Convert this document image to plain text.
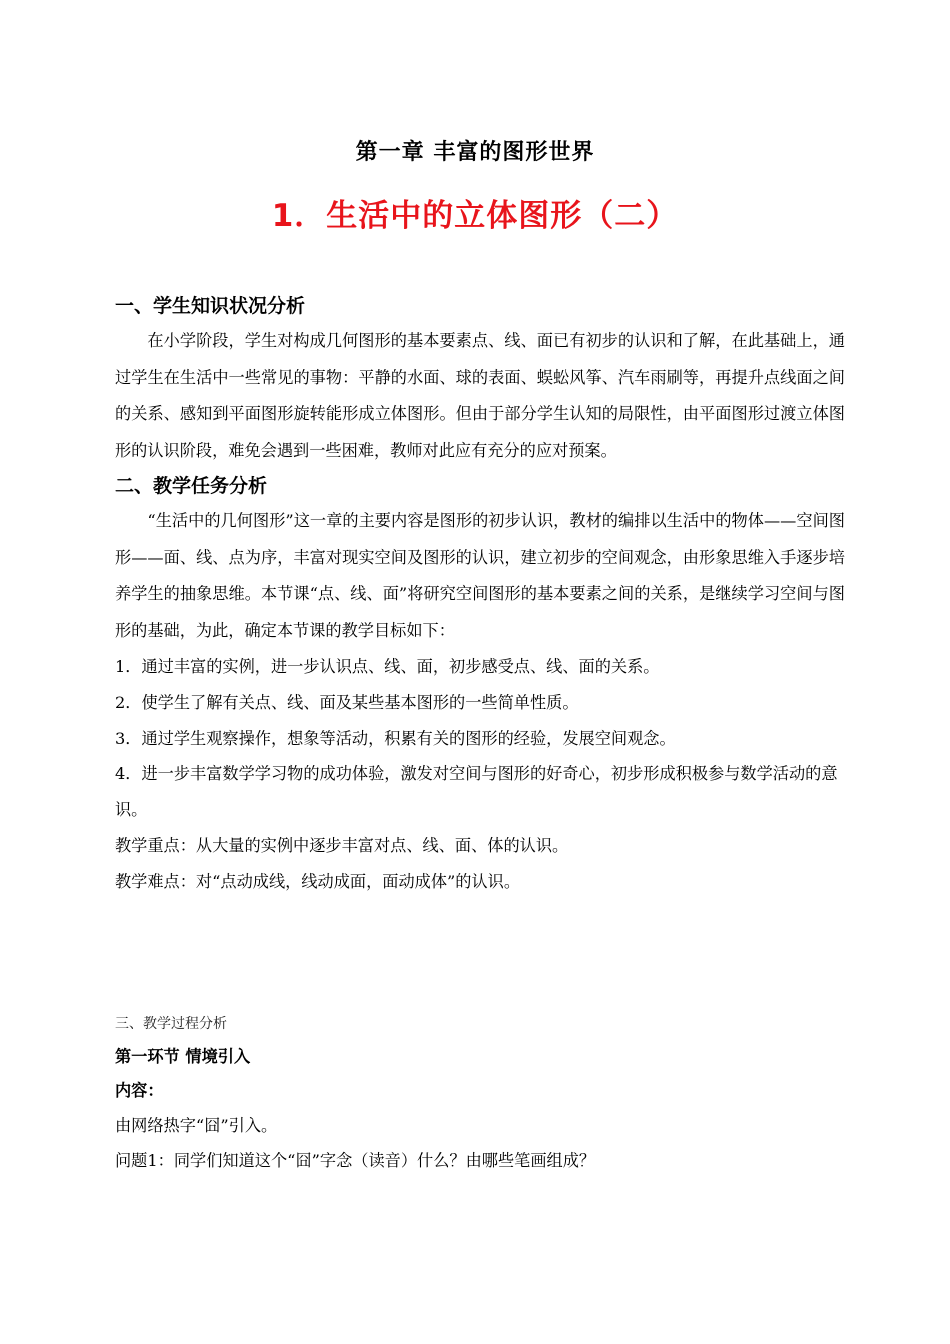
第一章 丰富的图形世界
1．生活中的立体图形（二）
一、学生知识状况分析
在小学阶段，学生对构成几何图形的基本要素点、线、面已有初步的认识和了解，在此基础上，通过学生在生活中一些常见的事物：平静的水面、球的表面、蜈蚣风筝、汽车雨刷等，再提升点线面之间的关系、感知到平面图形旋转能形成立体图形。但由于部分学生认知的局限性，由平面图形过渡立体图形的认识阶段，难免会遇到一些困难，教师对此应有充分的应对预案。
二、教学任务分析
“生活中的几何图形”这一章的主要内容是图形的初步认识，教材的编排以生活中的物体——空间图形——面、线、点为序，丰富对现实空间及图形的认识，建立初步的空间观念，由形象思维入手逐步培养学生的抽象思维。本节课“点、线、面”将研究空间图形的基本要素之间的关系，是继续学习空间与图形的基础，为此，确定本节课的教学目标如下：
1．通过丰富的实例，进一步认识点、线、面，初步感受点、线、面的关系。
2．使学生了解有关点、线、面及某些基本图形的一些简单性质。
3．通过学生观察操作，想象等活动，积累有关的图形的经验，发展空间观念。
4．进一步丰富数学学习物的成功体验，激发对空间与图形的好奇心，初步形成积极参与数学活动的意识。
教学重点：从大量的实例中逐步丰富对点、线、面、体的认识。
教学难点：对“点动成线，线动成面，面动成体”的认识。
三、教学过程分析
第一环节 情境引入
内容：
由网络热字“囧”引入。
问题1：同学们知道这个“囧”字念（读音）什么？由哪些笔画组成？
